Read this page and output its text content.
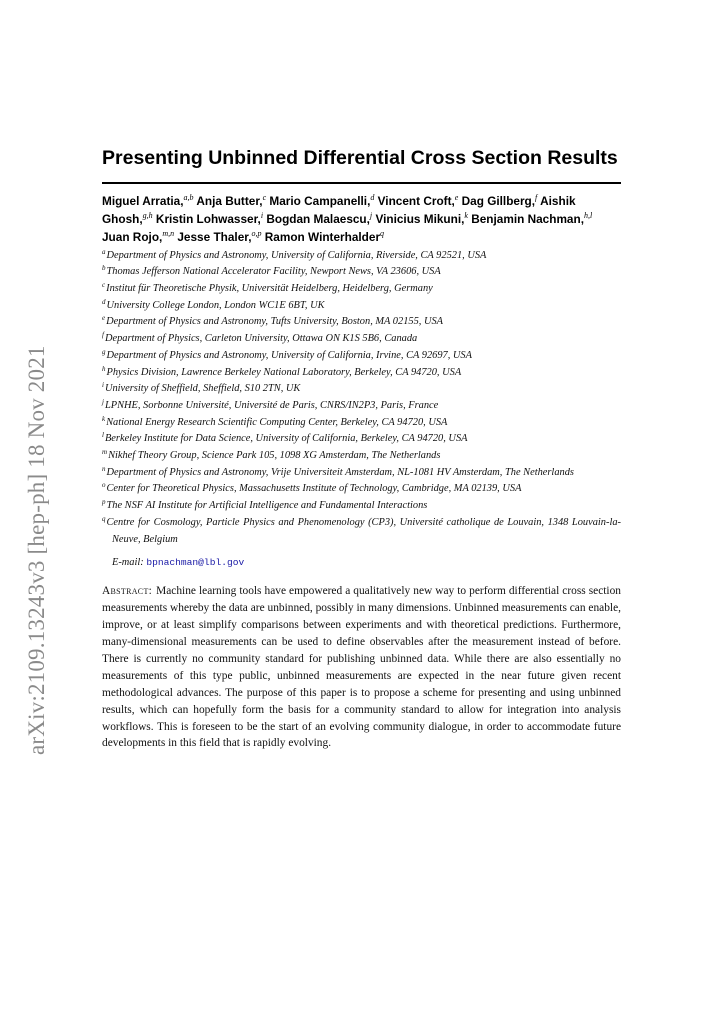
arXiv:2109.13243v3 [hep-ph] 18 Nov 2021
Presenting Unbinned Differential Cross Section Results
Miguel Arratia,$^{a,b}$ Anja Butter,$^c$ Mario Campanelli,$^d$ Vincent Croft,$^e$ Dag Gillberg,$^f$ Aishik Ghosh,$^{g,h}$ Kristin Lohwasser,$^i$ Bogdan Malaescu,$^j$ Vinicius Mikuni,$^k$ Benjamin Nachman,$^{h,l}$ Juan Rojo,$^{m,n}$ Jesse Thaler,$^{o,p}$ Ramon Winterhalder$^q$
$^a$Department of Physics and Astronomy, University of California, Riverside, CA 92521, USA
$^b$Thomas Jefferson National Accelerator Facility, Newport News, VA 23606, USA
$^c$Institut für Theoretische Physik, Universität Heidelberg, Heidelberg, Germany
$^d$University College London, London WC1E 6BT, UK
$^e$Department of Physics and Astronomy, Tufts University, Boston, MA 02155, USA
$^f$Department of Physics, Carleton University, Ottawa ON K1S 5B6, Canada
$^g$Department of Physics and Astronomy, University of California, Irvine, CA 92697, USA
$^h$Physics Division, Lawrence Berkeley National Laboratory, Berkeley, CA 94720, USA
$^i$University of Sheffield, Sheffield, S10 2TN, UK
$^j$LPNHE, Sorbonne Université, Université de Paris, CNRS/IN2P3, Paris, France
$^k$National Energy Research Scientific Computing Center, Berkeley, CA 94720, USA
$^l$Berkeley Institute for Data Science, University of California, Berkeley, CA 94720, USA
$^m$Nikhef Theory Group, Science Park 105, 1098 XG Amsterdam, The Netherlands
$^n$Department of Physics and Astronomy, Vrije Universiteit Amsterdam, NL-1081 HV Amsterdam, The Netherlands
$^o$Center for Theoretical Physics, Massachusetts Institute of Technology, Cambridge, MA 02139, USA
$^p$The NSF AI Institute for Artificial Intelligence and Fundamental Interactions
$^q$Centre for Cosmology, Particle Physics and Phenomenology (CP3), Université catholique de Louvain, 1348 Louvain-la-Neuve, Belgium
E-mail: bpnachman@lbl.gov
Abstract: Machine learning tools have empowered a qualitatively new way to perform differential cross section measurements whereby the data are unbinned, possibly in many dimensions. Unbinned measurements can enable, improve, or at least simplify comparisons between experiments and with theoretical predictions. Furthermore, many-dimensional measurements can be used to define observables after the measurement instead of before. There is currently no community standard for publishing unbinned data. While there are also essentially no measurements of this type public, unbinned measurements are expected in the near future given recent methodological advances. The purpose of this paper is to propose a scheme for presenting and using unbinned results, which can hopefully form the basis for a community standard to allow for integration into analysis workflows. This is foreseen to be the start of an evolving community dialogue, in order to accommodate future developments in this field that is rapidly evolving.
